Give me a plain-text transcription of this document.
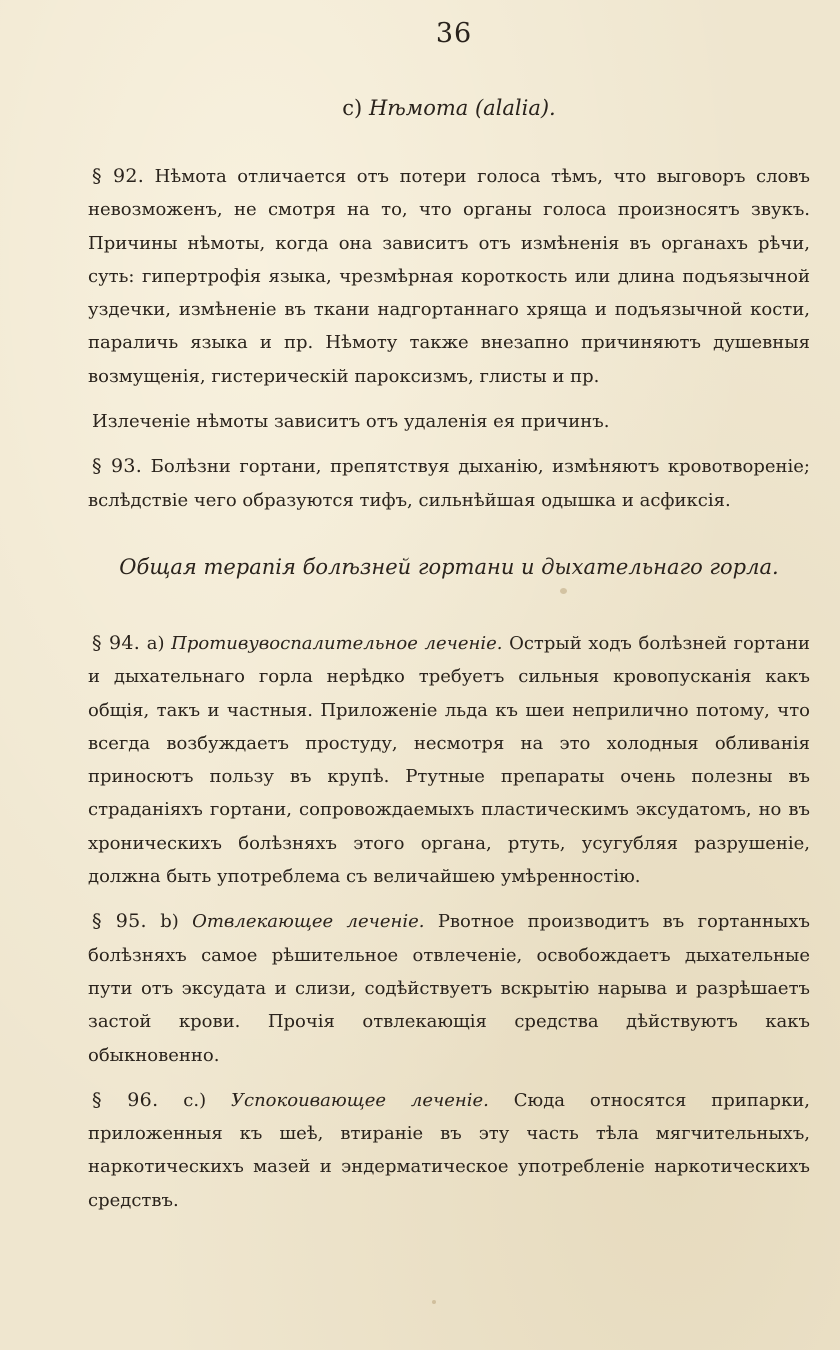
36

c) Нѣмота (alalia).

§ 92. Нѣмота отличается отъ потери голоса тѣмъ, что выговоръ словъ невозможенъ, не смотря на то, что органы голоса произносятъ звукъ. Причины нѣмоты, когда она зависитъ отъ измѣненія въ органахъ рѣчи, суть: гипертрофія языка, чрезмѣрная короткость или длина подъязычной уздечки, измѣненіе въ ткани надгортаннаго хряща и подъязычной кости, параличь языка и пр. Нѣмоту также внезапно причиняютъ душевныя возмущенія, гистерическій пароксизмъ, глисты и пр.

Излеченіе нѣмоты зависитъ отъ удаленія ея причинъ.

§ 93. Болѣзни гортани, препятствуя дыханію, измѣняютъ кровотвореніе; вслѣдствіе чего образуются тифъ, сильнѣйшая одышка и асфиксія.

Общая терапія болѣзней гортани и дыхательнаго горла.

§ 94. a) Противувоспалительное леченіе. Острый ходъ болѣзней гортани и дыхательнаго горла нерѣдко требуетъ сильныя кровопусканія какъ общія, такъ и частныя. Приложеніе льда къ шеи неприлично потому, что всегда возбуждаетъ простуду, несмотря на это холодныя обливанія приносютъ пользу въ крупѣ. Ртутные препараты очень полезны въ страданіяхъ гортани, сопровождаемыхъ пластическимъ эксудатомъ, но въ хроническихъ болѣзняхъ этого органа, ртуть, усугубляя разрушеніе, должна быть употреблема съ величайшею умѣренностію.

§ 95. b) Отвлекающее леченіе. Рвотное производитъ въ гортанныхъ болѣзняхъ самое рѣшительное отвлеченіе, освобождаетъ дыхательные пути отъ эксудата и слизи, содѣйствуетъ вскрытію нарыва и разрѣшаетъ застой крови. Прочія отвлекающія средства дѣйствуютъ какъ обыкновенно.

§ 96. c.) Успокоивающее леченіе. Сюда относятся припарки, приложенныя къ шеѣ, втираніе въ эту часть тѣла мягчительныхъ, наркотическихъ мазей и эндерматическое употребленіе наркотическихъ средствъ.
